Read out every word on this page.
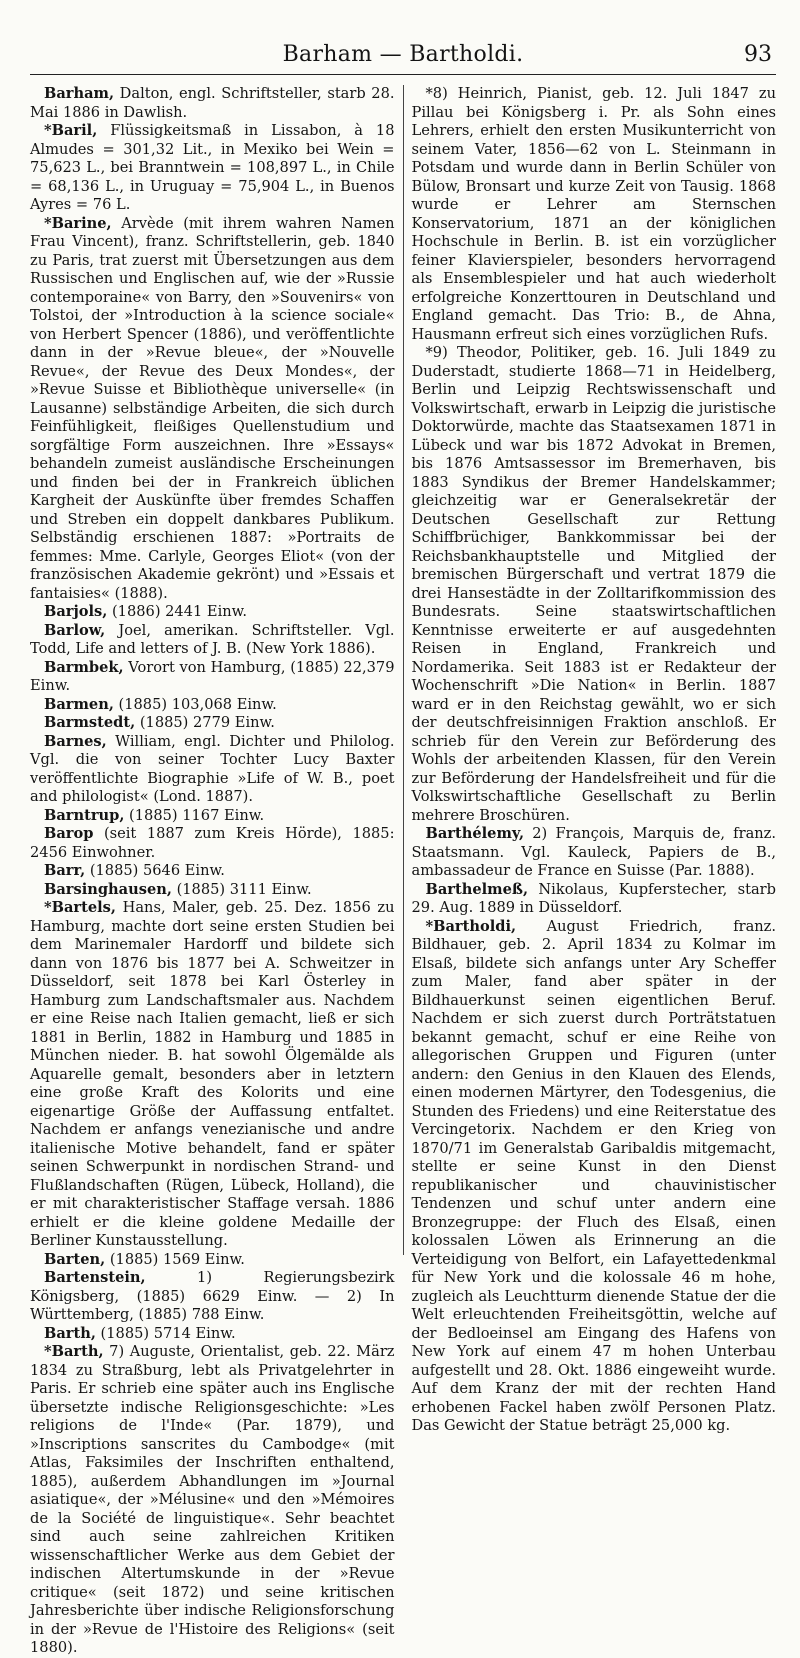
Barham — Bartholdi.	93

Barham, Dalton, engl. Schriftsteller, starb 28. Mai 1886 in Dawlish.

*Baril, Flüssigkeitsmaß in Lissabon, à 18 Almudes = 301,32 Lit., in Mexiko bei Wein = 75,623 L., bei Branntwein = 108,897 L., in Chile = 68,136 L., in Uruguay = 75,904 L., in Buenos Ayres = 76 L.

*Barine, Arvède (mit ihrem wahren Namen Frau Vincent), franz. Schriftstellerin, geb. 1840 zu Paris, trat zuerst mit Übersetzungen aus dem Russischen und Englischen auf, wie der »Russie contemporaine« von Barry, den »Souvenirs« von Tolstoi, der »Introduction à la science sociale« von Herbert Spencer (1886), und veröffentlichte dann in der »Revue bleue«, der »Nouvelle Revue«, der Revue des Deux Mondes«, der »Revue Suisse et Bibliothèque universelle« (in Lausanne) selbständige Arbeiten, die sich durch Feinfühligkeit, fleißiges Quellenstudium und sorgfältige Form auszeichnen. Ihre »Essays« behandeln zumeist ausländische Erscheinungen und finden bei der in Frankreich üblichen Kargheit der Auskünfte über fremdes Schaffen und Streben ein doppelt dankbares Publikum. Selbständig erschienen 1887: »Portraits de femmes: Mme. Carlyle, Georges Eliot« (von der französischen Akademie gekrönt) und »Essais et fantaisies« (1888).

Barjols, (1886) 2441 Einw.

Barlow, Joel, amerikan. Schriftsteller. Vgl. Todd, Life and letters of J. B. (New York 1886).

Barmbek, Vorort von Hamburg, (1885) 22,379 Einw.

Barmen, (1885) 103,068 Einw.

Barmstedt, (1885) 2779 Einw.

Barnes, William, engl. Dichter und Philolog. Vgl. die von seiner Tochter Lucy Baxter veröffentlichte Biographie »Life of W. B., poet and philologist« (Lond. 1887).

Barntrup, (1885) 1167 Einw.

Barop (seit 1887 zum Kreis Hörde), 1885: 2456 Einwohner.

Barr, (1885) 5646 Einw.

Barsinghausen, (1885) 3111 Einw.

*Bartels, Hans, Maler, geb. 25. Dez. 1856 zu Hamburg, machte dort seine ersten Studien bei dem Marinemaler Hardorff und bildete sich dann von 1876 bis 1877 bei A. Schweitzer in Düsseldorf, seit 1878 bei Karl Österley in Hamburg zum Landschaftsmaler aus. Nachdem er eine Reise nach Italien gemacht, ließ er sich 1881 in Berlin, 1882 in Hamburg und 1885 in München nieder. B. hat sowohl Ölgemälde als Aquarelle gemalt, besonders aber in letztern eine große Kraft des Kolorits und eine eigenartige Größe der Auffassung entfaltet. Nachdem er anfangs venezianische und andre italienische Motive behandelt, fand er später seinen Schwerpunkt in nordischen Strand- und Flußlandschaften (Rügen, Lübeck, Holland), die er mit charakteristischer Staffage versah. 1886 erhielt er die kleine goldene Medaille der Berliner Kunstausstellung.

Barten, (1885) 1569 Einw.

Bartenstein, 1) Regierungsbezirk Königsberg, (1885) 6629 Einw. — 2) In Württemberg, (1885) 788 Einw.

Barth, (1885) 5714 Einw.

*Barth, 7) Auguste, Orientalist, geb. 22. März 1834 zu Straßburg, lebt als Privatgelehrter in Paris. Er schrieb eine später auch ins Englische übersetzte indische Religionsgeschichte: »Les religions de l'Inde« (Par. 1879), und »Inscriptions sanscrites du Cambodge« (mit Atlas, Faksimiles der Inschriften enthaltend, 1885), außerdem Abhandlungen im »Journal asiatique«, der »Mélusine« und den »Mémoires de la Société de linguistique«. Sehr beachtet sind auch seine zahlreichen Kritiken wissenschaftlicher Werke aus dem Gebiet der indischen Altertumskunde in der »Revue critique« (seit 1872) und seine kritischen Jahresberichte über indische Religionsforschung in der »Revue de l'Histoire des Religions« (seit 1880).

*8) Heinrich, Pianist, geb. 12. Juli 1847 zu Pillau bei Königsberg i. Pr. als Sohn eines Lehrers, erhielt den ersten Musikunterricht von seinem Vater, 1856—62 von L. Steinmann in Potsdam und wurde dann in Berlin Schüler von Bülow, Bronsart und kurze Zeit von Tausig. 1868 wurde er Lehrer am Sternschen Konservatorium, 1871 an der königlichen Hochschule in Berlin. B. ist ein vorzüglicher feiner Klavierspieler, besonders hervorragend als Ensemblespieler und hat auch wiederholt erfolgreiche Konzerttouren in Deutschland und England gemacht. Das Trio: B., de Ahna, Hausmann erfreut sich eines vorzüglichen Rufs.

*9) Theodor, Politiker, geb. 16. Juli 1849 zu Duderstadt, studierte 1868—71 in Heidelberg, Berlin und Leipzig Rechtswissenschaft und Volkswirtschaft, erwarb in Leipzig die juristische Doktorwürde, machte das Staatsexamen 1871 in Lübeck und war bis 1872 Advokat in Bremen, bis 1876 Amtsassessor im Bremerhaven, bis 1883 Syndikus der Bremer Handelskammer; gleichzeitig war er Generalsekretär der Deutschen Gesellschaft zur Rettung Schiffbrüchiger, Bankkommissar bei der Reichsbankhauptstelle und Mitglied der bremischen Bürgerschaft und vertrat 1879 die drei Hansestädte in der Zolltarifkommission des Bundesrats. Seine staatswirtschaftlichen Kenntnisse erweiterte er auf ausgedehnten Reisen in England, Frankreich und Nordamerika. Seit 1883 ist er Redakteur der Wochenschrift »Die Nation« in Berlin. 1887 ward er in den Reichstag gewählt, wo er sich der deutschfreisinnigen Fraktion anschloß. Er schrieb für den Verein zur Beförderung des Wohls der arbeitenden Klassen, für den Verein zur Beförderung der Handelsfreiheit und für die Volkswirtschaftliche Gesellschaft zu Berlin mehrere Broschüren.

Barthélemy, 2) François, Marquis de, franz. Staatsmann. Vgl. Kauleck, Papiers de B., ambassadeur de France en Suisse (Par. 1888).

Barthelmeß, Nikolaus, Kupferstecher, starb 29. Aug. 1889 in Düsseldorf.

*Bartholdi, August Friedrich, franz. Bildhauer, geb. 2. April 1834 zu Kolmar im Elsaß, bildete sich anfangs unter Ary Scheffer zum Maler, fand aber später in der Bildhauerkunst seinen eigentlichen Beruf. Nachdem er sich zuerst durch Porträtstatuen bekannt gemacht, schuf er eine Reihe von allegorischen Gruppen und Figuren (unter andern: den Genius in den Klauen des Elends, einen modernen Märtyrer, den Todesgenius, die Stunden des Friedens) und eine Reiterstatue des Vercingetorix. Nachdem er den Krieg von 1870/71 im Generalstab Garibaldis mitgemacht, stellte er seine Kunst in den Dienst republikanischer und chauvinistischer Tendenzen und schuf unter andern eine Bronzegruppe: der Fluch des Elsaß, einen kolossalen Löwen als Erinnerung an die Verteidigung von Belfort, ein Lafayettedenkmal für New York und die kolossale 46 m hohe, zugleich als Leuchtturm dienende Statue der die Welt erleuchtenden Freiheitsgöttin, welche auf der Bedloeinsel am Eingang des Hafens von New York auf einem 47 m hohen Unterbau aufgestellt und 28. Okt. 1886 eingeweiht wurde. Auf dem Kranz der mit der rechten Hand erhobenen Fackel haben zwölf Personen Platz. Das Gewicht der Statue beträgt 25,000 kg.
